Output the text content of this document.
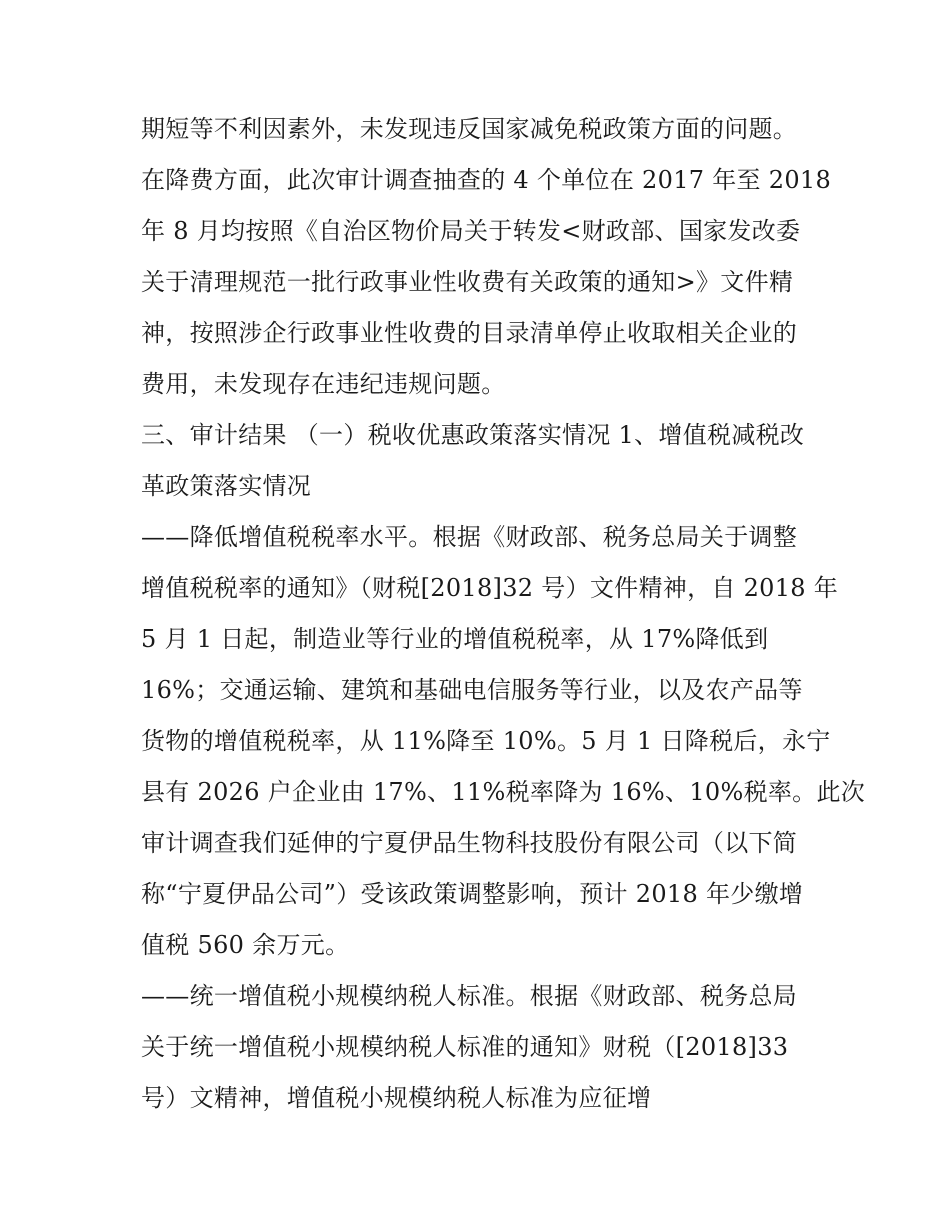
期短等不利因素外，未发现违反国家减免税政策方面的问题。
在降费方面，此次审计调查抽查的 4 个单位在 2017 年至 2018
年 8 月均按照《自治区物价局关于转发<财政部、国家发改委
关于清理规范一批行政事业性收费有关政策的通知>》文件精
神，按照涉企行政事业性收费的目录清单停止收取相关企业的
费用，未发现存在违纪违规问题。
三、审计结果 （一）税收优惠政策落实情况 1、增值税减税改
革政策落实情况
——降低增值税税率水平。根据《财政部、税务总局关于调整
增值税税率的通知》（财税[2018]32 号）文件精神，自 2018 年
5 月 1 日起，制造业等行业的增值税税率，从 17%降低到
16%；交通运输、建筑和基础电信服务等行业，以及农产品等
货物的增值税税率，从 11%降至 10%。5 月 1 日降税后，永宁
县有 2026 户企业由 17%、11%税率降为 16%、10%税率。此次
审计调查我们延伸的宁夏伊品生物科技股份有限公司（以下简
称“宁夏伊品公司”）受该政策调整影响，预计 2018 年少缴增
值税 560 余万元。
——统一增值税小规模纳税人标准。根据《财政部、税务总局
关于统一增值税小规模纳税人标准的通知》财税（[2018]33
号）文精神，增值税小规模纳税人标准为应征增
